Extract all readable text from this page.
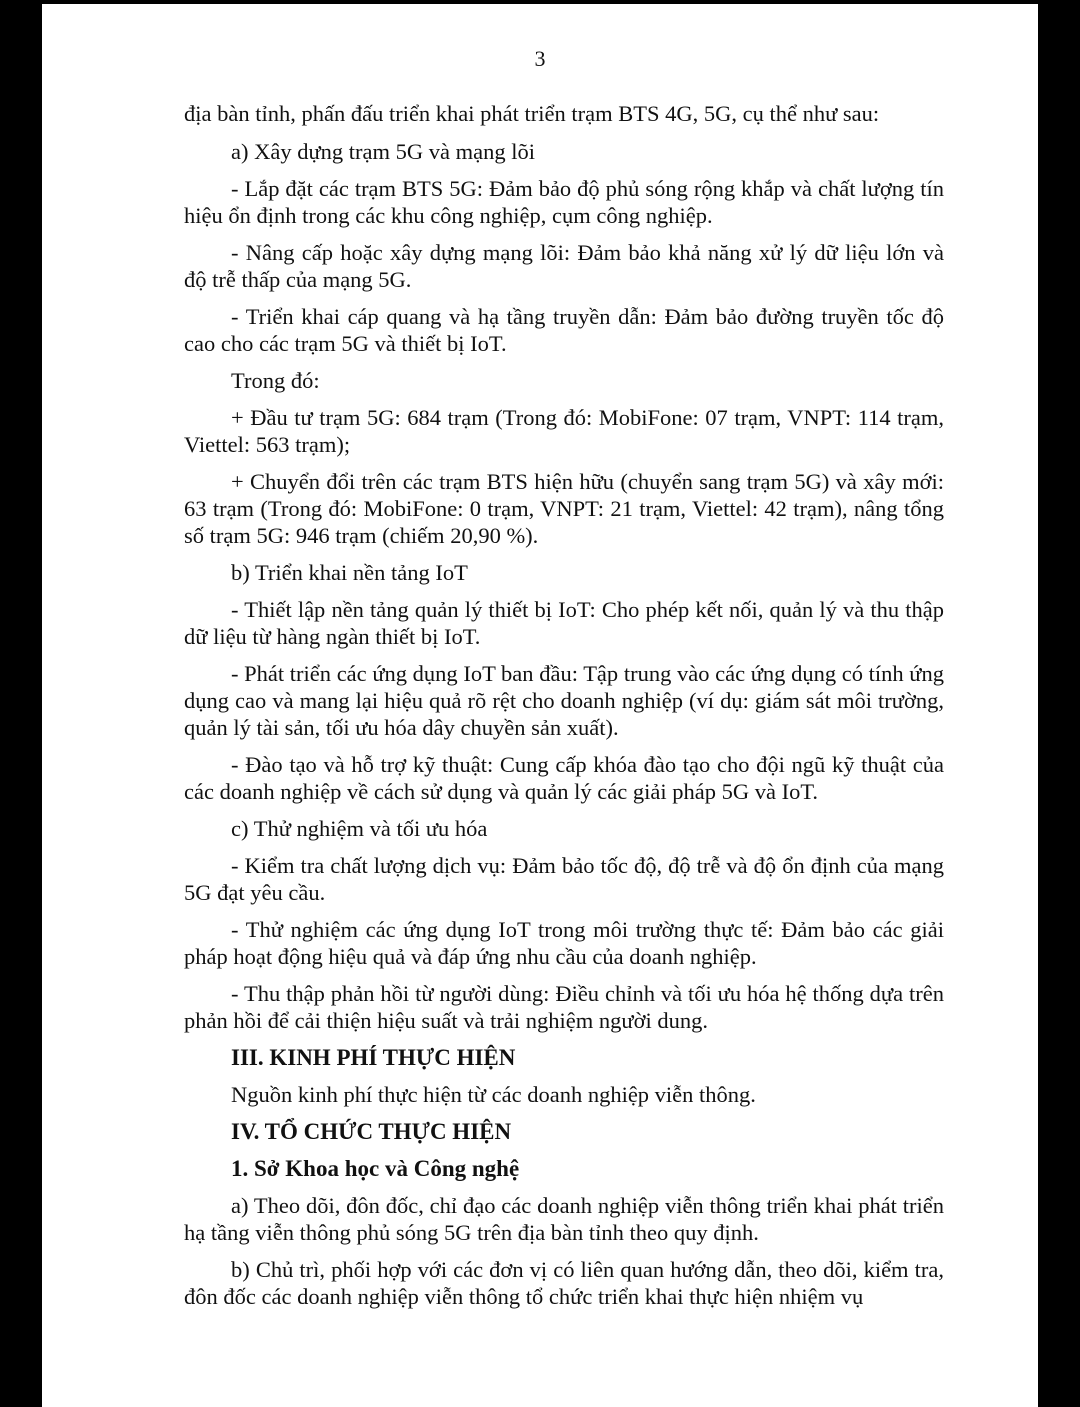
3

địa bàn tỉnh, phấn đấu triển khai phát triển trạm BTS 4G, 5G, cụ thể như sau:

a) Xây dựng trạm 5G và mạng lõi

- Lắp đặt các trạm BTS 5G: Đảm bảo độ phủ sóng rộng khắp và chất lượng tín hiệu ổn định trong các khu công nghiệp, cụm công nghiệp.

- Nâng cấp hoặc xây dựng mạng lõi: Đảm bảo khả năng xử lý dữ liệu lớn và độ trễ thấp của mạng 5G.

- Triển khai cáp quang và hạ tầng truyền dẫn: Đảm bảo đường truyền tốc độ cao cho các trạm 5G và thiết bị IoT.

Trong đó:

+ Đầu tư trạm 5G: 684 trạm (Trong đó: MobiFone: 07 trạm, VNPT: 114 trạm, Viettel: 563 trạm);

+ Chuyển đổi trên các trạm BTS hiện hữu (chuyển sang trạm 5G) và xây mới: 63 trạm (Trong đó: MobiFone: 0 trạm, VNPT: 21 trạm, Viettel: 42 trạm), nâng tổng số trạm 5G: 946 trạm (chiếm 20,90 %).

b) Triển khai nền tảng IoT

- Thiết lập nền tảng quản lý thiết bị IoT: Cho phép kết nối, quản lý và thu thập dữ liệu từ hàng ngàn thiết bị IoT.

- Phát triển các ứng dụng IoT ban đầu: Tập trung vào các ứng dụng có tính ứng dụng cao và mang lại hiệu quả rõ rệt cho doanh nghiệp (ví dụ: giám sát môi trường, quản lý tài sản, tối ưu hóa dây chuyền sản xuất).

- Đào tạo và hỗ trợ kỹ thuật: Cung cấp khóa đào tạo cho đội ngũ kỹ thuật của các doanh nghiệp về cách sử dụng và quản lý các giải pháp 5G và IoT.

c) Thử nghiệm và tối ưu hóa

- Kiểm tra chất lượng dịch vụ: Đảm bảo tốc độ, độ trễ và độ ổn định của mạng 5G đạt yêu cầu.

- Thử nghiệm các ứng dụng IoT trong môi trường thực tế: Đảm bảo các giải pháp hoạt động hiệu quả và đáp ứng nhu cầu của doanh nghiệp.

- Thu thập phản hồi từ người dùng: Điều chỉnh và tối ưu hóa hệ thống dựa trên phản hồi để cải thiện hiệu suất và trải nghiệm người dung.

III. KINH PHÍ THỰC HIỆN

Nguồn kinh phí thực hiện từ các doanh nghiệp viễn thông.

IV. TỔ CHỨC THỰC HIỆN

1. Sở Khoa học và Công nghệ

a) Theo dõi, đôn đốc, chỉ đạo các doanh nghiệp viễn thông triển khai phát triển hạ tầng viễn thông phủ sóng 5G trên địa bàn tỉnh theo quy định.

b) Chủ trì, phối hợp với các đơn vị có liên quan hướng dẫn, theo dõi, kiểm tra, đôn đốc các doanh nghiệp viễn thông tổ chức triển khai thực hiện nhiệm vụ
